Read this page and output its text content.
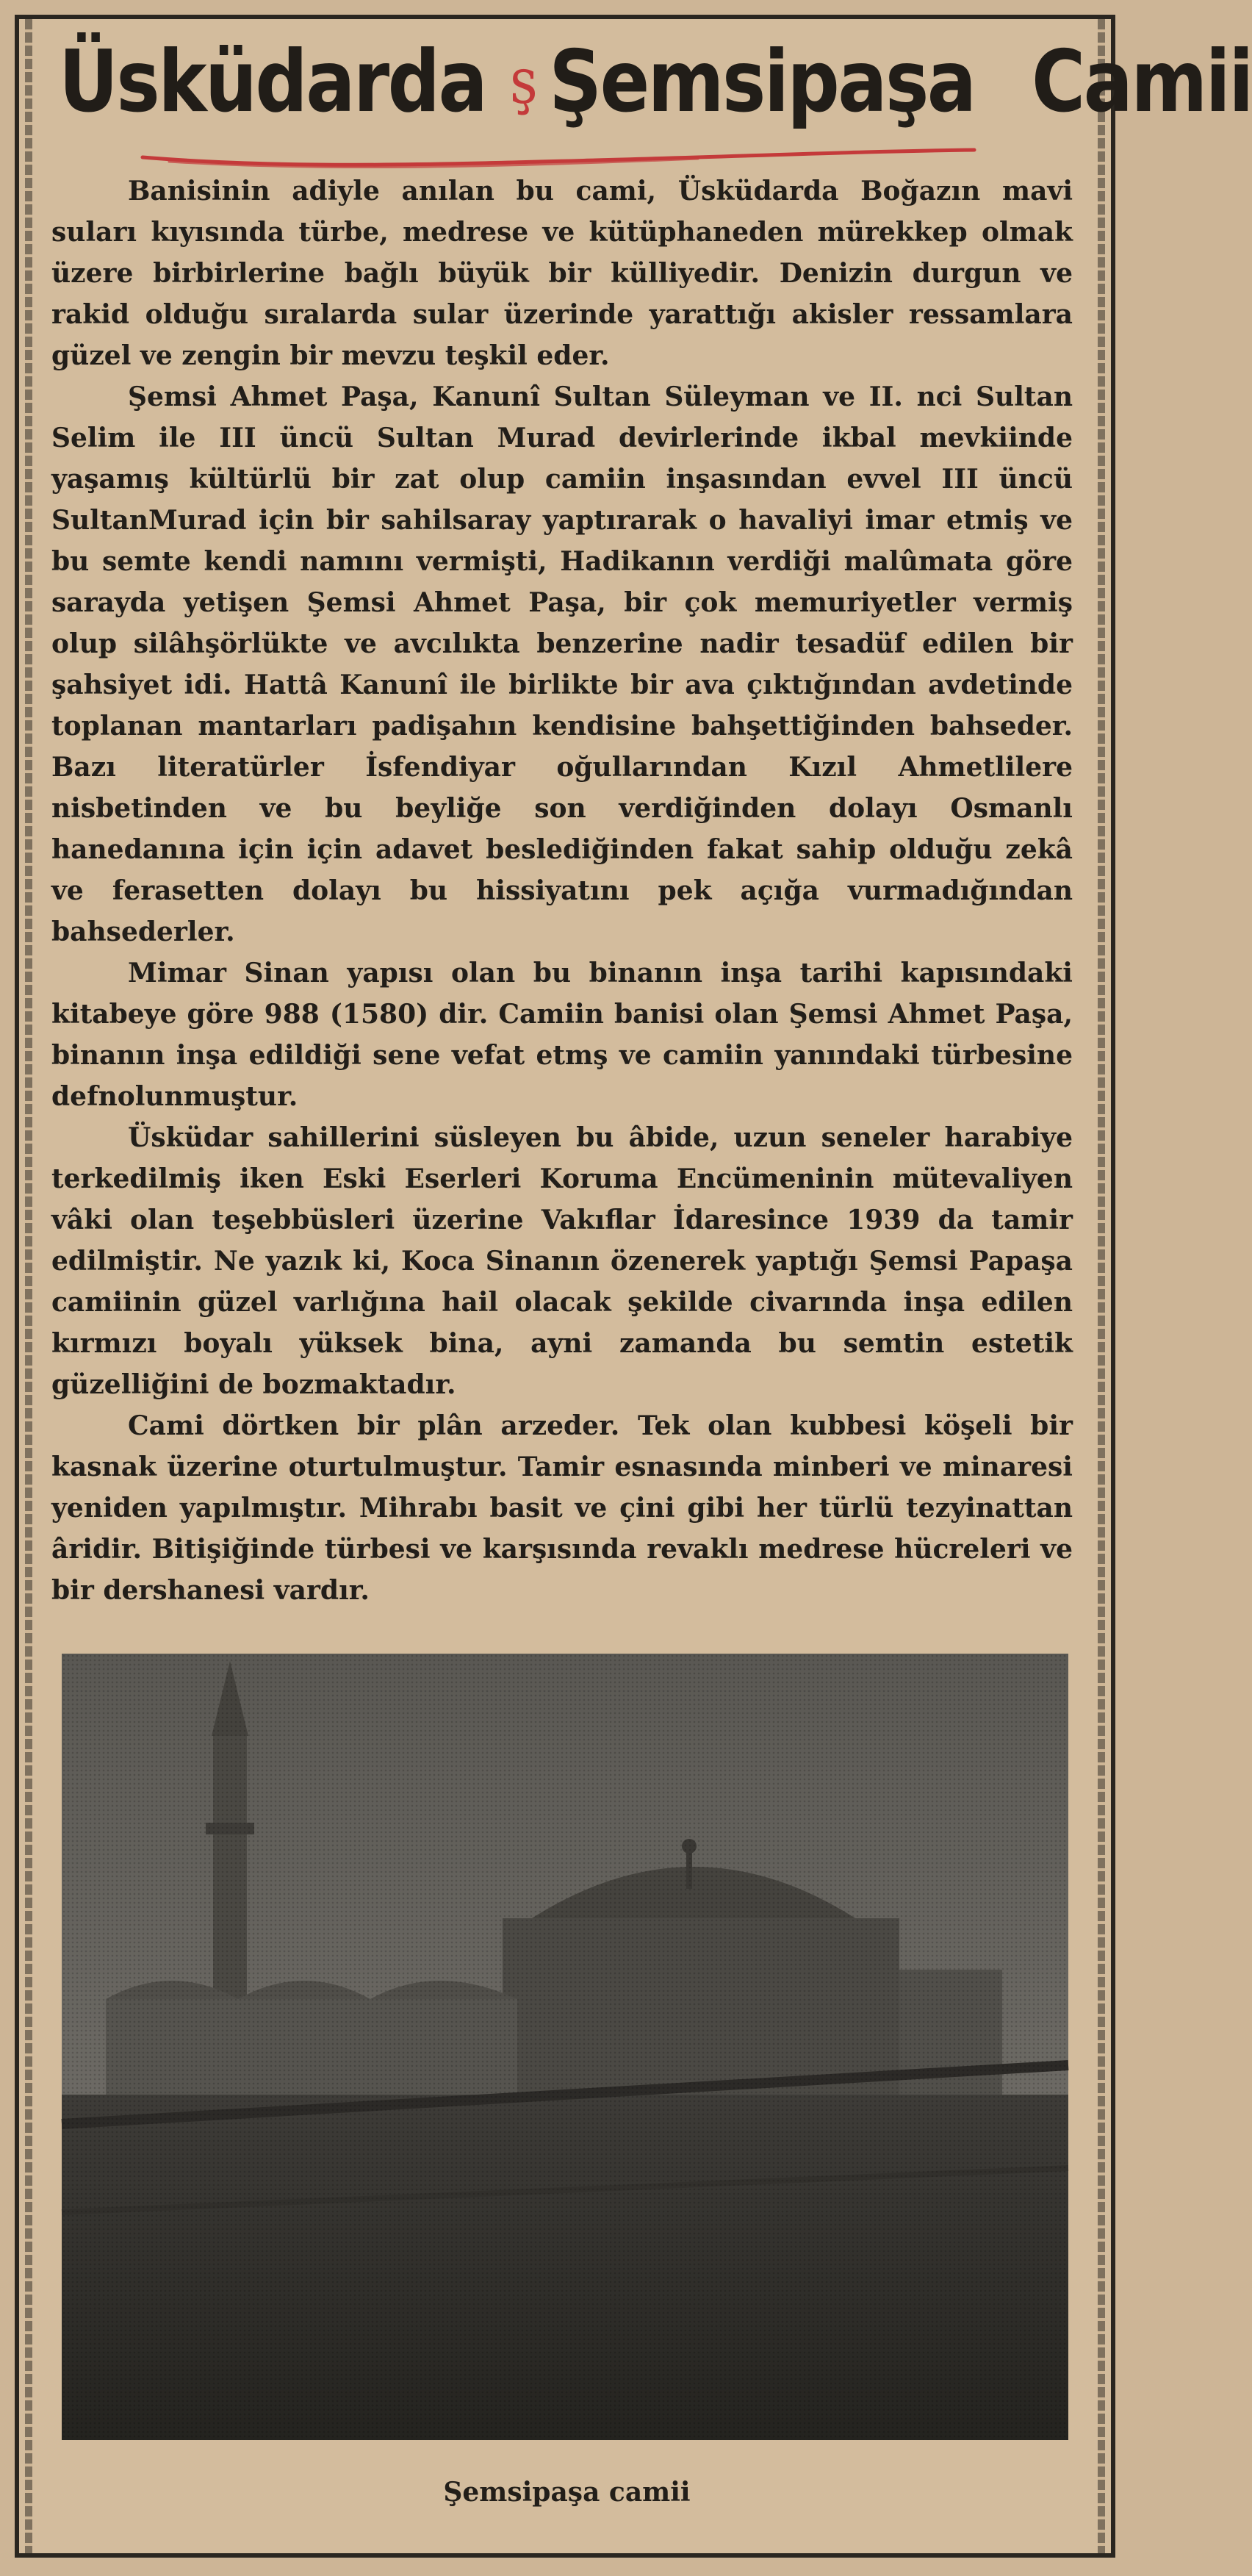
Üsküdarda ş Şemsipaşa Camii

Banisinin adiyle anılan bu cami, Üsküdarda Boğazın mavi suları kıyısında türbe, medrese ve kütüphaneden mürekkep olmak üzere birbirlerine bağlı büyük bir külliyedir. Denizin durgun ve rakid olduğu sıralarda sular üzerinde yarattığı akisler ressamlara güzel ve zengin bir mevzu teşkil eder.

Şemsi Ahmet Paşa, Kanunî Sultan Süleyman ve II. nci Sultan Selim ile III üncü Sultan Murad devirlerinde ikbal mevkiinde yaşamış kültürlü bir zat olup camiin inşasından evvel III üncü SultanMurad için bir sahilsaray yaptırarak o havaliyi imar etmiş ve bu semte kendi namını vermişti, Hadikanın verdiği malûmata göre sarayda yetişen Şemsi Ahmet Paşa, bir çok memuriyetler vermiş olup silâhşörlükte ve avcılıkta benzerine nadir tesadüf edilen bir şahsiyet idi. Hattâ Kanunî ile birlikte bir ava çıktığından avdetinde toplanan mantarları padişahın kendisine bahşettiğinden bahseder. Bazı literatürler İsfendiyar oğullarından Kızıl Ahmetlilere nisbetinden ve bu beyliğe son verdiğinden dolayı Osmanlı hanedanına için için adavet beslediğinden fakat sahip olduğu zekâ ve ferasetten dolayı bu hissiyatını pek açığa vurmadığından bahsederler.

Mimar Sinan yapısı olan bu binanın inşa tarihi kapısındaki kitabeye göre 988 (1580) dir. Camiin banisi olan Şemsi Ahmet Paşa, binanın inşa edildiği sene vefat etmş ve camiin yanındaki türbesine defnolunmuştur.

Üsküdar sahillerini süsleyen bu âbide, uzun seneler harabiye terkedilmiş iken Eski Eserleri Koruma Encümeninin mütevaliyen vâki olan teşebbüsleri üzerine Vakıflar İdaresince 1939 da tamir edilmiştir. Ne yazık ki, Koca Sinanın özenerek yaptığı Şemsi Papaşa camiinin güzel varlığına hail olacak şekilde civarında inşa edilen kırmızı boyalı yüksek bina, ayni zamanda bu semtin estetik güzelliğini de bozmaktadır.

Cami dörtken bir plân arzeder. Tek olan kubbesi köşeli bir kasnak üzerine oturtulmuştur. Tamir esnasında minberi ve minaresi yeniden yapılmıştır. Mihrabı basit ve çini gibi her türlü tezyinattan âridir. Bitişiğinde türbesi ve karşısında revaklı medrese hücreleri ve bir dershanesi vardır.

Şemsipaşa camii
